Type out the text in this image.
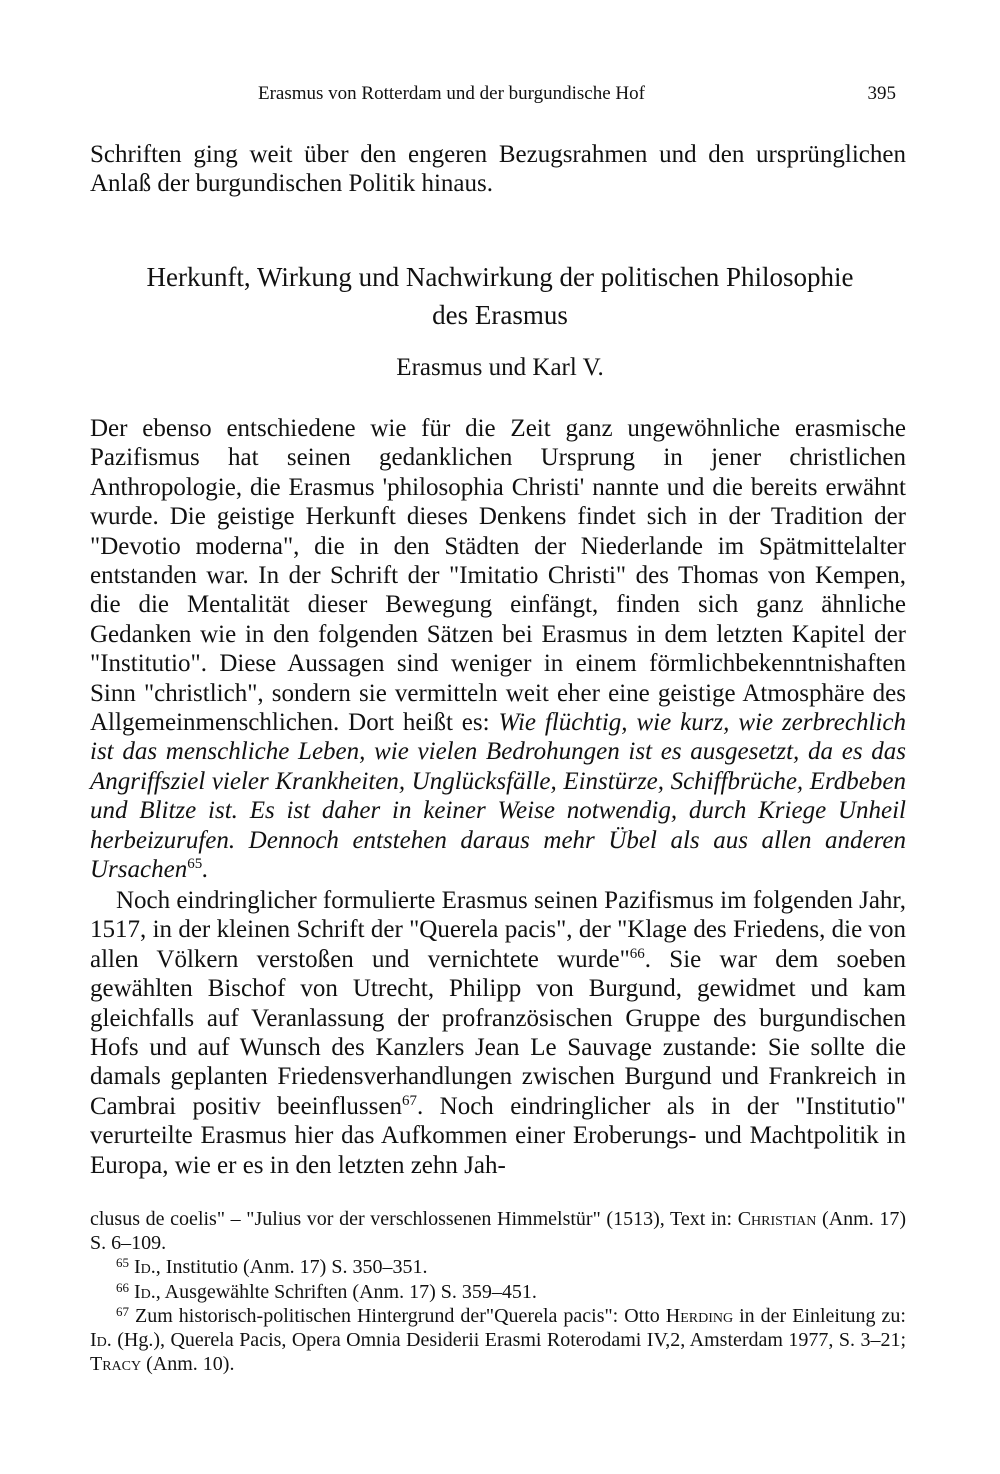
Erasmus von Rotterdam und der burgundische Hof	395

Schriften ging weit über den engeren Bezugsrahmen und den ursprünglichen Anlaß der burgundischen Politik hinaus.

Herkunft, Wirkung und Nachwirkung der politischen Philosophie
des Erasmus
Erasmus und Karl V.

Der ebenso entschiedene wie für die Zeit ganz ungewöhnliche erasmische Pazifismus hat seinen gedanklichen Ursprung in jener christlichen Anthropologie, die Erasmus 'philosophia Christi' nannte und die bereits erwähnt wurde. Die geistige Herkunft dieses Denkens findet sich in der Tradition der "Devotio moderna", die in den Städten der Niederlande im Spätmittelalter entstanden war. In der Schrift der "Imitatio Christi" des Thomas von Kempen, die die Mentalität dieser Bewegung einfängt, finden sich ganz ähnliche Gedanken wie in den folgenden Sätzen bei Erasmus in dem letzten Kapitel der "Institutio". Diese Aussagen sind weniger in einem förmlichbekenntnishaften Sinn "christlich", sondern sie vermitteln weit eher eine geistige Atmosphäre des Allgemeinmenschlichen. Dort heißt es: Wie flüchtig, wie kurz, wie zerbrechlich ist das menschliche Leben, wie vielen Bedrohungen ist es ausgesetzt, da es das Angriffsziel vieler Krankheiten, Unglücksfälle, Einstürze, Schiffbrüche, Erdbeben und Blitze ist. Es ist daher in keiner Weise notwendig, durch Kriege Unheil herbeizurufen. Dennoch entstehen daraus mehr Übel als aus allen anderen Ursachen$^{65}$.

Noch eindringlicher formulierte Erasmus seinen Pazifismus im folgenden Jahr, 1517, in der kleinen Schrift der "Querela pacis", der "Klage des Friedens, die von allen Völkern verstoßen und vernichtete wurde"$^{66}$. Sie war dem soeben gewählten Bischof von Utrecht, Philipp von Burgund, gewidmet und kam gleichfalls auf Veranlassung der profranzösischen Gruppe des burgundischen Hofs und auf Wunsch des Kanzlers Jean Le Sauvage zustande: Sie sollte die damals geplanten Friedensverhandlungen zwischen Burgund und Frankreich in Cambrai positiv beeinflussen$^{67}$. Noch eindringlicher als in der "Institutio" verurteilte Erasmus hier das Aufkommen einer Eroberungs- und Machtpolitik in Europa, wie er es in den letzten zehn Jah-

clusus de coelis" – "Julius vor der verschlossenen Himmelstür" (1513), Text in: Christian (Anm. 17) S. 6–109.

$^{65}$ Id., Institutio (Anm. 17) S. 350–351.

$^{66}$ Id., Ausgewählte Schriften (Anm. 17) S. 359–451.

$^{67}$ Zum historisch-politischen Hintergrund der"Querela pacis": Otto Herding in der Einleitung zu: Id. (Hg.), Querela Pacis, Opera Omnia Desiderii Erasmi Roterodami IV,2, Amsterdam 1977, S. 3–21; Tracy (Anm. 10).
